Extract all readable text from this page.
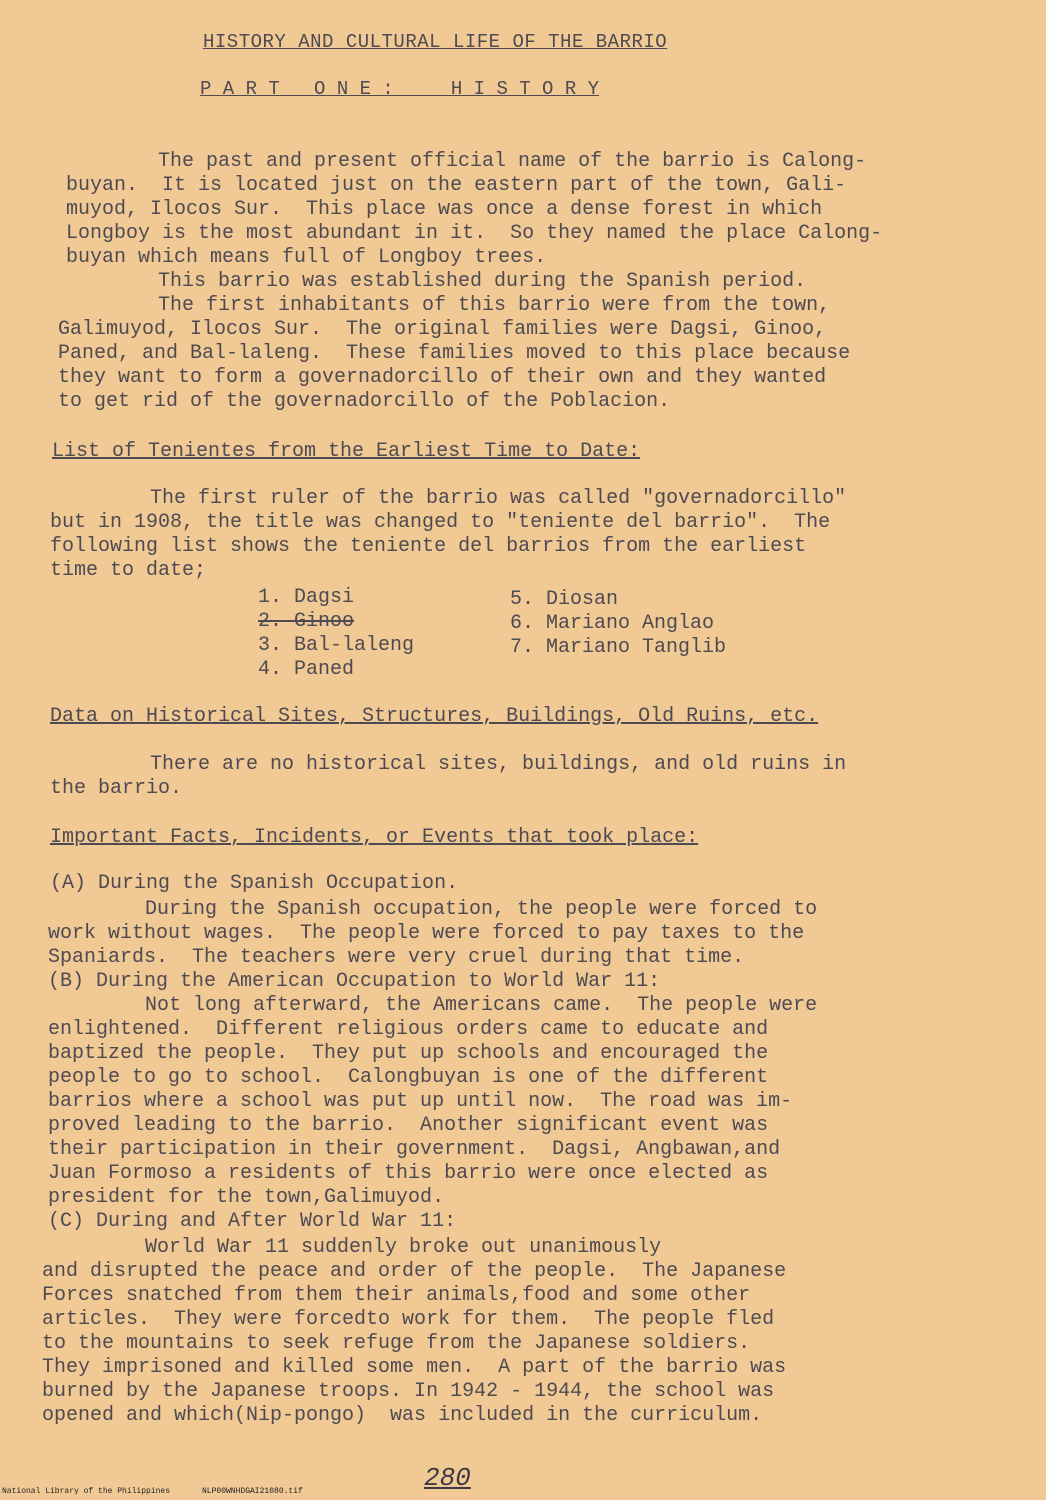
HISTORY AND CULTURAL LIFE OF THE BARRIO
P A R T   O N E :     H I S T O R Y
The past and present official name of the barrio is Calong-
buyan.  It is located just on the eastern part of the town, Gali-
muyod, Ilocos Sur.  This place was once a dense forest in which
Longboy is the most abundant in it.  So they named the place Calong-
buyan which means full of Longboy trees.
This barrio was established during the Spanish period.
The first inhabitants of this barrio were from the town,
Galimuyod, Ilocos Sur.  The original families were Dagsi, Ginoo,
Paned, and Bal-laleng.  These families moved to this place because
they want to form a governadorcillo of their own and they wanted
to get rid of the governadorcillo of the Poblacion.
List of Tenientes from the Earliest Time to Date:
The first ruler of the barrio was called "governadorcillo"
but in 1908, the title was changed to "teniente del barrio".  The
following list shows the teniente del barrios from the earliest
time to date;
1. Dagsi
2. Ginoo
3. Bal-laleng
4. Paned
5. Diosan
6. Mariano Anglao
7. Mariano Tanglib
Data on Historical Sites, Structures, Buildings, Old Ruins, etc.
There are no historical sites, buildings, and old ruins in
the barrio.
Important Facts, Incidents, or Events that took place:
(A) During the Spanish Occupation.
During the Spanish occupation, the people were forced to
work without wages.  The people were forced to pay taxes to the
Spaniards.  The teachers were very cruel during that time.
(B) During the American Occupation to World War 11:
Not long afterward, the Americans came.  The people were
enlightened.  Different religious orders came to educate and
baptized the people.  They put up schools and encouraged the
people to go to school.  Calongbuyan is one of the different
barrios where a school was put up until now.  The road was im-
proved leading to the barrio.  Another significant event was
their participation in their government.  Dagsi, Angbawan,and
Juan Formoso a residents of this barrio were once elected as
president for the town,Galimuyod.
(C) During and After World War 11:
World War 11 suddenly broke out unanimously
and disrupted the peace and order of the people.  The Japanese
Forces snatched from them their animals,food and some other
articles.  They were forcedto work for them.  The people fled
to the mountains to seek refuge from the Japanese soldiers.
They imprisoned and killed some men.  A part of the barrio was
burned by the Japanese troops. In 1942 - 1944, the school was
opened and which(Nip-pongo)  was included in the curriculum.
National Library of the Philippines	NLP00WNHDGAI21080.tif	280
